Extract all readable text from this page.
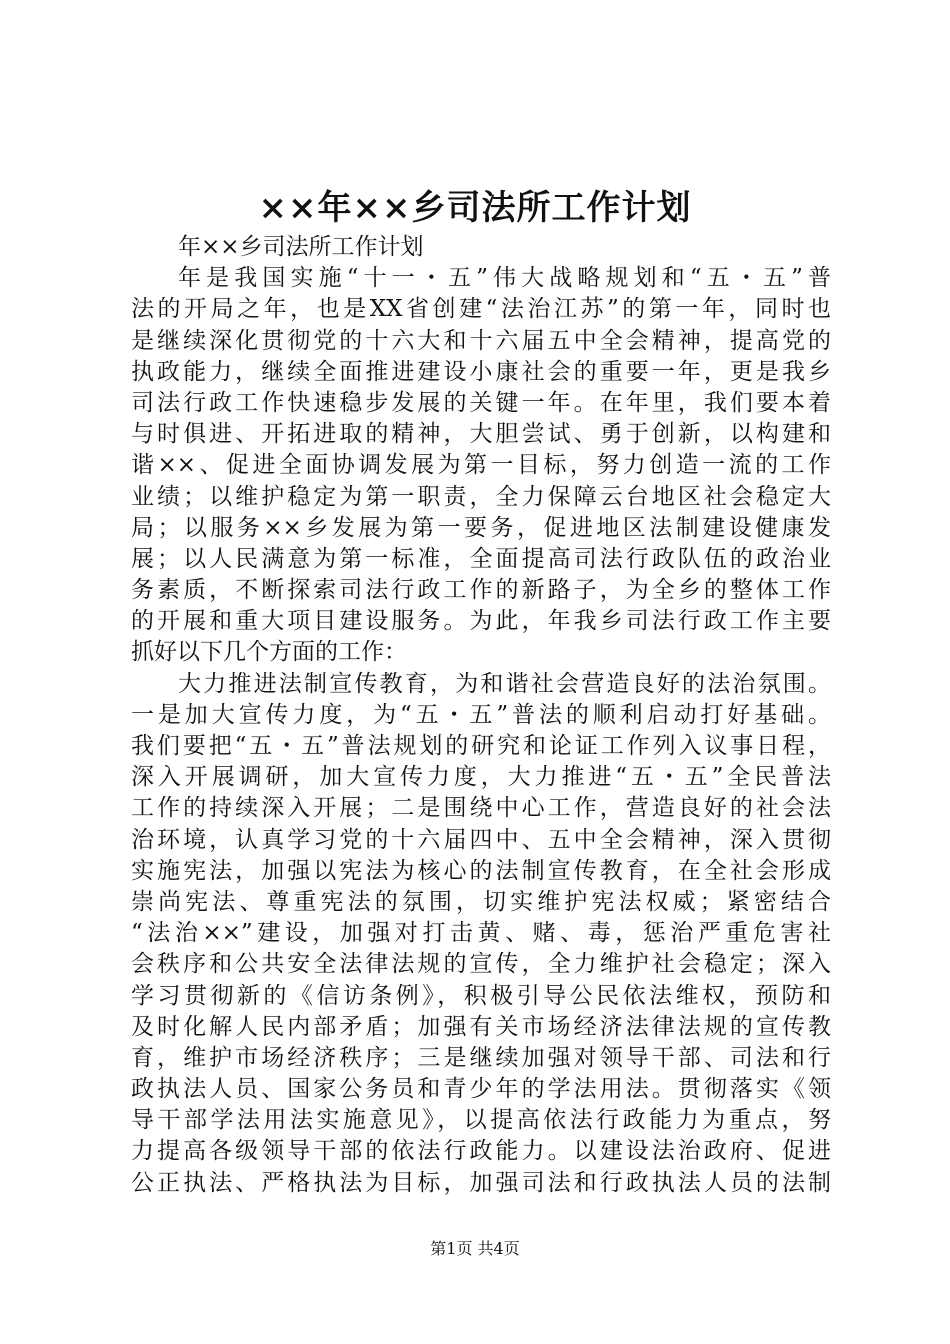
××年××乡司法所工作计划
年××乡司法所工作计划
年是我国实施“十一・五”伟大战略规划和“五・五”普
法的开局之年，也是XX省创建“法治江苏”的第一年，同时也
是继续深化贯彻党的十六大和十六届五中全会精神，提高党的
执政能力，继续全面推进建设小康社会的重要一年，更是我乡
司法行政工作快速稳步发展的关键一年。在年里，我们要本着
与时俱进、开拓进取的精神，大胆尝试、勇于创新，以构建和
谐××、促进全面协调发展为第一目标，努力创造一流的工作
业绩；以维护稳定为第一职责，全力保障云台地区社会稳定大
局；以服务××乡发展为第一要务，促进地区法制建设健康发
展；以人民满意为第一标准，全面提高司法行政队伍的政治业
务素质，不断探索司法行政工作的新路子，为全乡的整体工作
的开展和重大项目建设服务。为此，年我乡司法行政工作主要
抓好以下几个方面的工作：
大力推进法制宣传教育，为和谐社会营造良好的法治氛围。
一是加大宣传力度，为“五・五”普法的顺利启动打好基础。
我们要把“五・五”普法规划的研究和论证工作列入议事日程，
深入开展调研，加大宣传力度，大力推进“五・五”全民普法
工作的持续深入开展；二是围绕中心工作，营造良好的社会法
治环境，认真学习党的十六届四中、五中全会精神，深入贯彻
实施宪法，加强以宪法为核心的法制宣传教育，在全社会形成
崇尚宪法、尊重宪法的氛围，切实维护宪法权威；紧密结合
“法治××”建设，加强对打击黄、赌、毒，惩治严重危害社
会秩序和公共安全法律法规的宣传，全力维护社会稳定；深入
学习贯彻新的《信访条例》，积极引导公民依法维权，预防和
及时化解人民内部矛盾；加强有关市场经济法律法规的宣传教
育，维护市场经济秩序；三是继续加强对领导干部、司法和行
政执法人员、国家公务员和青少年的学法用法。贯彻落实《领
导干部学法用法实施意见》，以提高依法行政能力为重点，努
力提高各级领导干部的依法行政能力。以建设法治政府、促进
公正执法、严格执法为目标，加强司法和行政执法人员的法制
第1页 共4页
